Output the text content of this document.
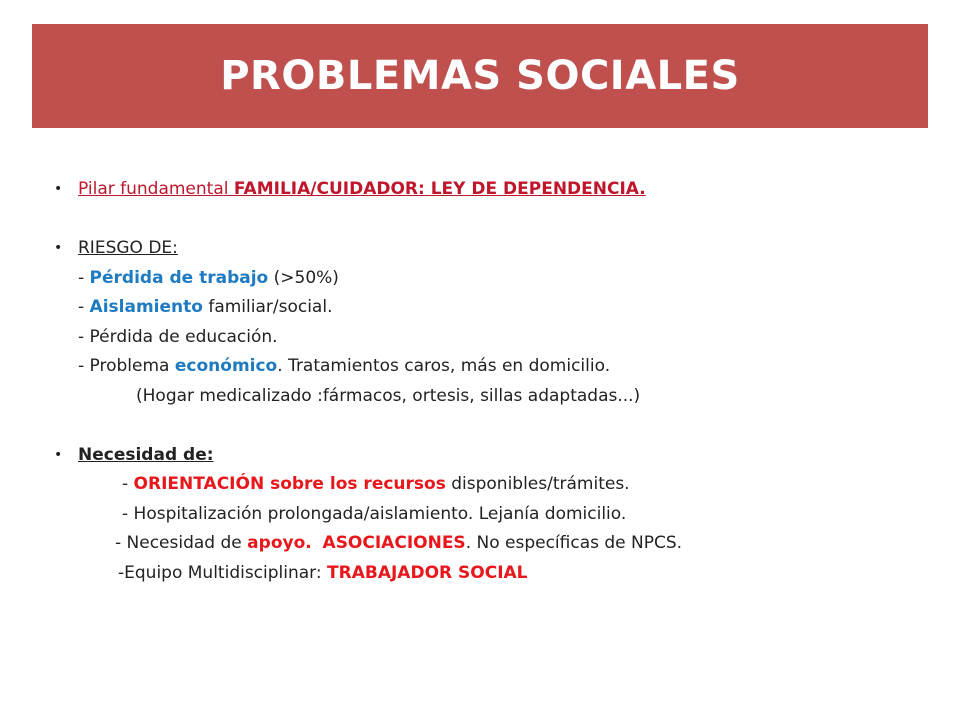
PROBLEMAS SOCIALES
• Pilar fundamental FAMILIA/CUIDADOR: LEY DE DEPENDENCIA.
• RIESGO DE:
- Pérdida de trabajo (>50%)
- Aislamiento familiar/social.
- Pérdida de educación.
- Problema económico. Tratamientos caros, más en domicilio.
(Hogar medicalizado :fármacos, ortesis, sillas adaptadas...)
• Necesidad de:
- ORIENTACIÓN sobre los recursos disponibles/trámites.
- Hospitalización prolongada/aislamiento. Lejanía domicilio.
- Necesidad de apoyo. ASOCIACIONES. No específicas de NPCS.
-Equipo Multidisciplinar: TRABAJADOR SOCIAL
